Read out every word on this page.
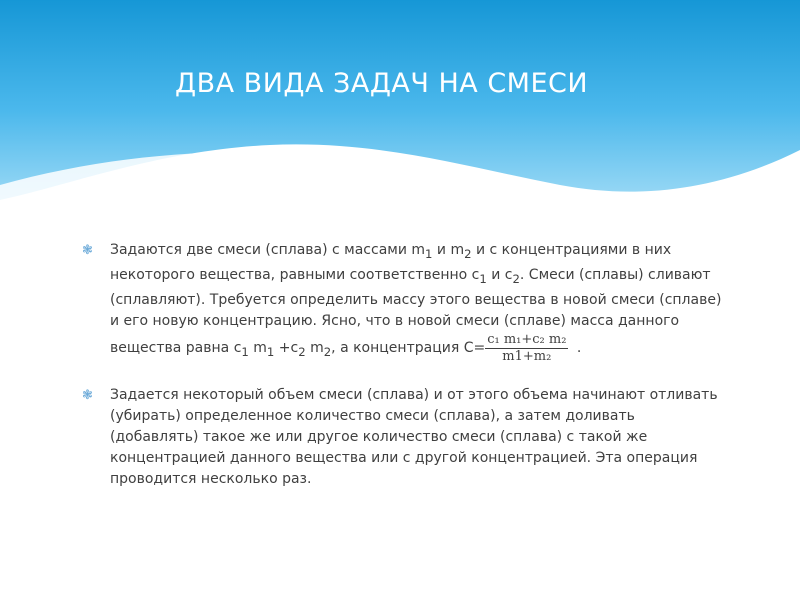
ДВА ВИДА ЗАДАЧ НА СМЕСИ
❃ Задаются две смеси (сплава) с массами $m_1$ и $m_2$ и с концентрациями в них некоторого вещества, равными соответственно $c_1$ и $c_2$. Смеси (сплавы) сливают (сплавляют). Требуется определить массу этого вещества в новой смеси (сплаве) и его новую концентрацию. Ясно, что в новой смеси (сплаве) масса данного вещества равна $c_1$ $m_1 +c_2$ $m_2$, а концентрация $C= \frac{\text{c₁ m₁+c₂ m₂}}{\text{m1+m₂}}$ .
❃ Задается некоторый объем смеси (сплава) и от этого объема начинают отливать (убирать) определенное количество смеси (сплава), а затем доливать (добавлять) такое же или другое количество смеси (сплава) с такой же концентрацией данного вещества или с другой концентрацией. Эта операция проводится несколько раз.
